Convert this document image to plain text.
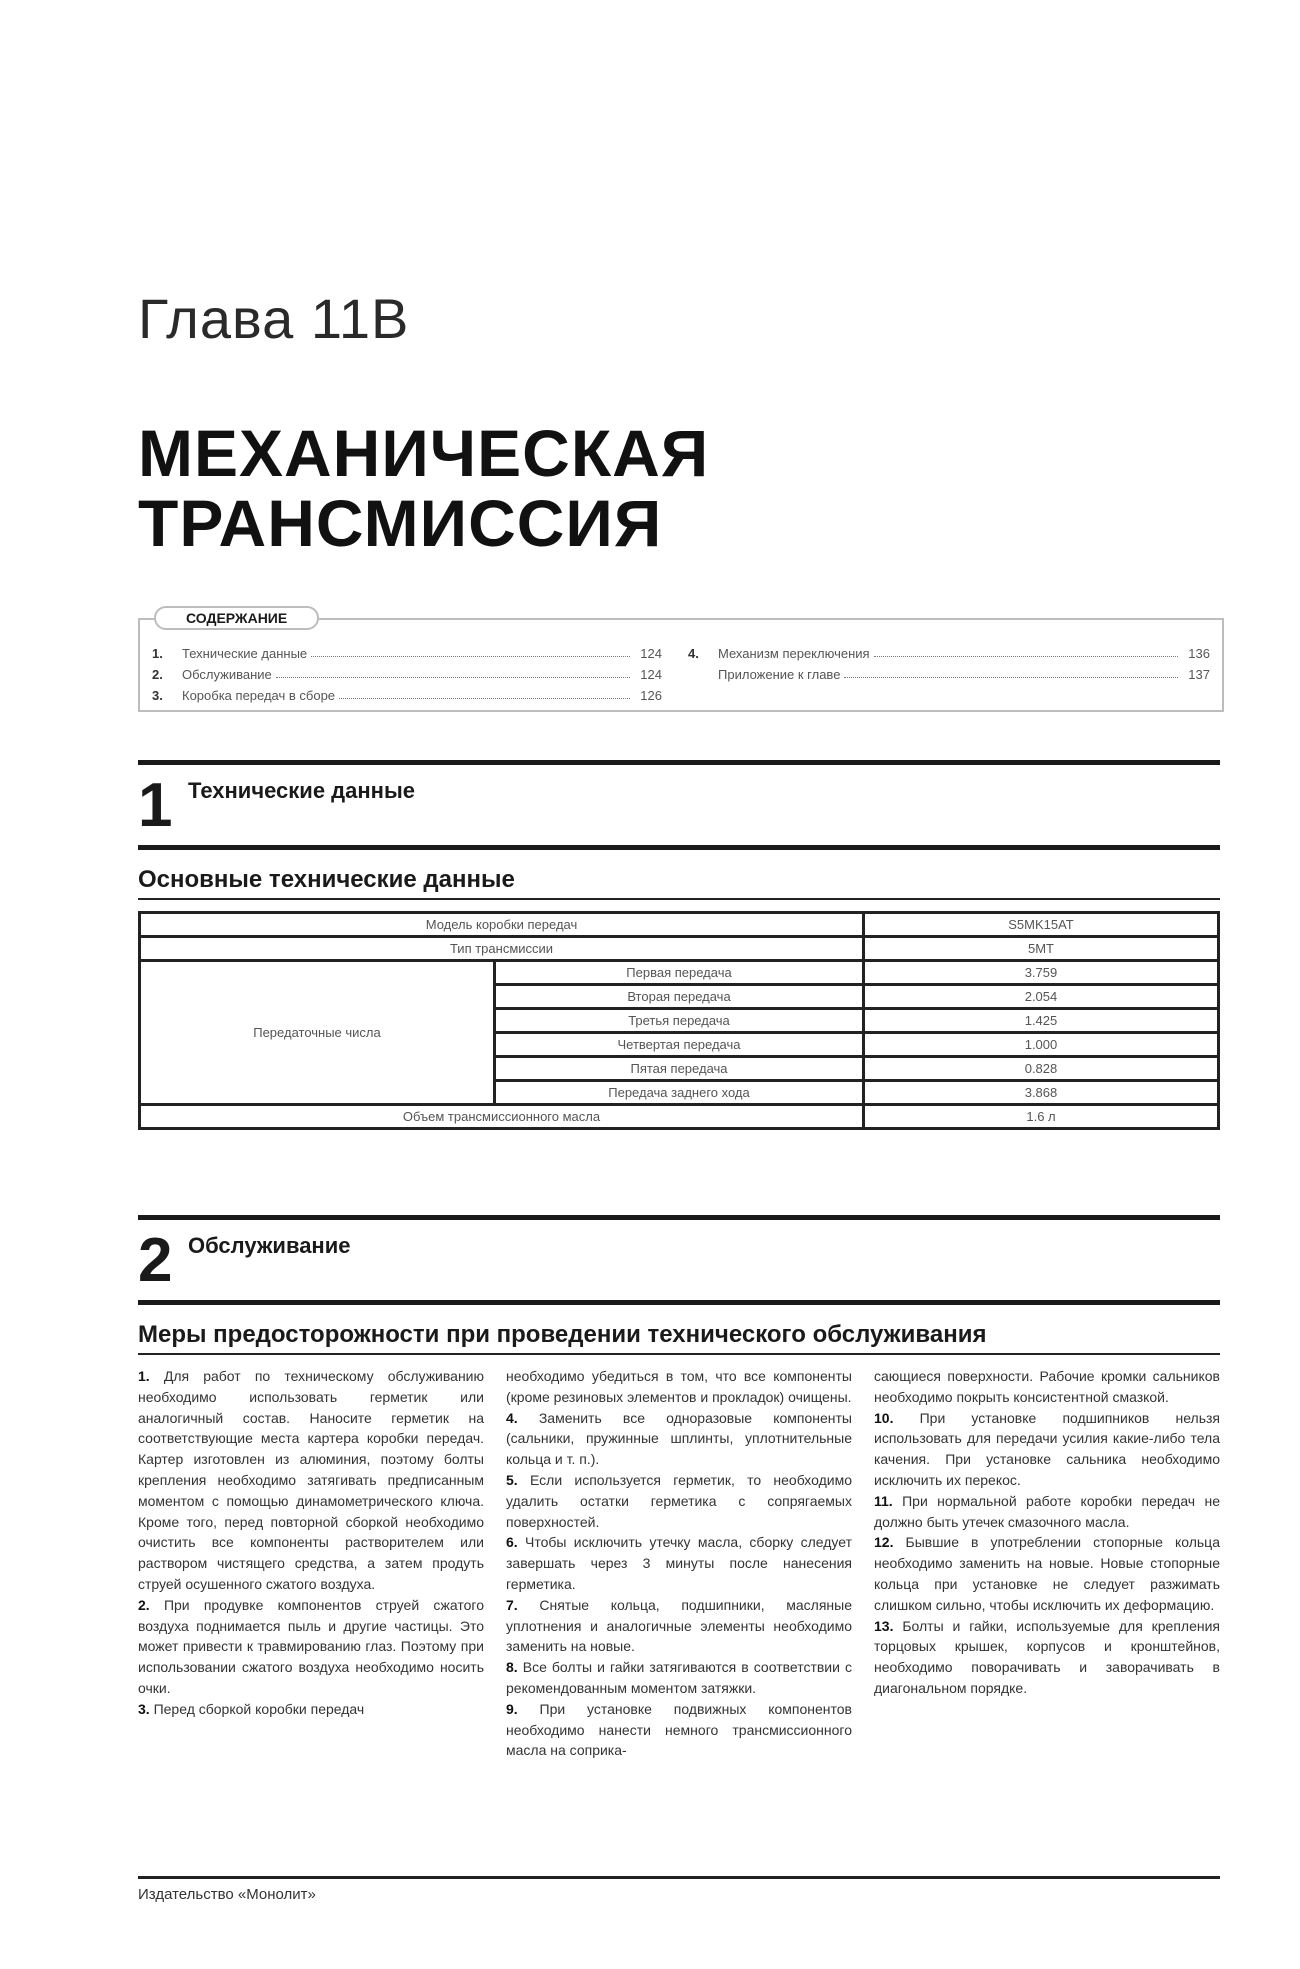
Глава 11В
МЕХАНИЧЕСКАЯ
ТРАНСМИССИЯ
СОДЕРЖАНИЕ
1.	Технические данные	124
2.	Обслуживание	124
3.	Коробка передач в сборе	126
4.	Механизм переключения	136
Приложение к главе	137
1 Технические данные
Основные технические данные
Модель коробки передач		S5MK15AT
Тип трансмиссии		5MT
Передаточные числа	Первая передача	3.759
	Вторая передача	2.054
	Третья передача	1.425
	Четвертая передача	1.000
	Пятая передача	0.828
	Передача заднего хода	3.868
Объем трансмиссионного масла		1.6 л
2 Обслуживание
Меры предосторожности при проведении технического обслуживания

1. Для работ по техническому обслуживанию необходимо использовать герметик или аналогичный состав. Наносите герметик на соответствующие места картера коробки передач. Картер изготовлен из алюминия, поэтому болты крепления необходимо затягивать предписанным моментом с помощью динамометрического ключа. Кроме того, перед повторной сборкой необходимо очистить все компоненты растворителем или раствором чистящего средства, а затем продуть струей осушенного сжатого воздуха.

2. При продувке компонентов струей сжатого воздуха поднимается пыль и другие частицы. Это может привести к травмированию глаз. Поэтому при использовании сжатого воздуха необходимо носить очки.

3. Перед сборкой коробки передач

необходимо убедиться в том, что все компоненты (кроме резиновых элементов и прокладок) очищены.

4. Заменить все одноразовые компоненты (сальники, пружинные шплинты, уплотнительные кольца и т. п.).

5. Если используется герметик, то необходимо удалить остатки герметика с сопрягаемых поверхностей.

6. Чтобы исключить утечку масла, сборку следует завершать через 3 минуты после нанесения герметика.

7. Снятые кольца, подшипники, масляные уплотнения и аналогичные элементы необходимо заменить на новые.

8. Все болты и гайки затягиваются в соответствии с рекомендованным моментом затяжки.

9. При установке подвижных компонентов необходимо нанести немного трансмиссионного масла на соприка-

сающиеся поверхности. Рабочие кромки сальников необходимо покрыть консистентной смазкой.

10. При установке подшипников нельзя использовать для передачи усилия какие-либо тела качения. При установке сальника необходимо исключить их перекос.

11. При нормальной работе коробки передач не должно быть утечек смазочного масла.

12. Бывшие в употреблении стопорные кольца необходимо заменить на новые. Новые стопорные кольца при установке не следует разжимать слишком сильно, чтобы исключить их деформацию.

13. Болты и гайки, используемые для крепления торцовых крышек, корпусов и кронштейнов, необходимо поворачивать и заворачивать в диагональном порядке.

Издательство «Монолит»
